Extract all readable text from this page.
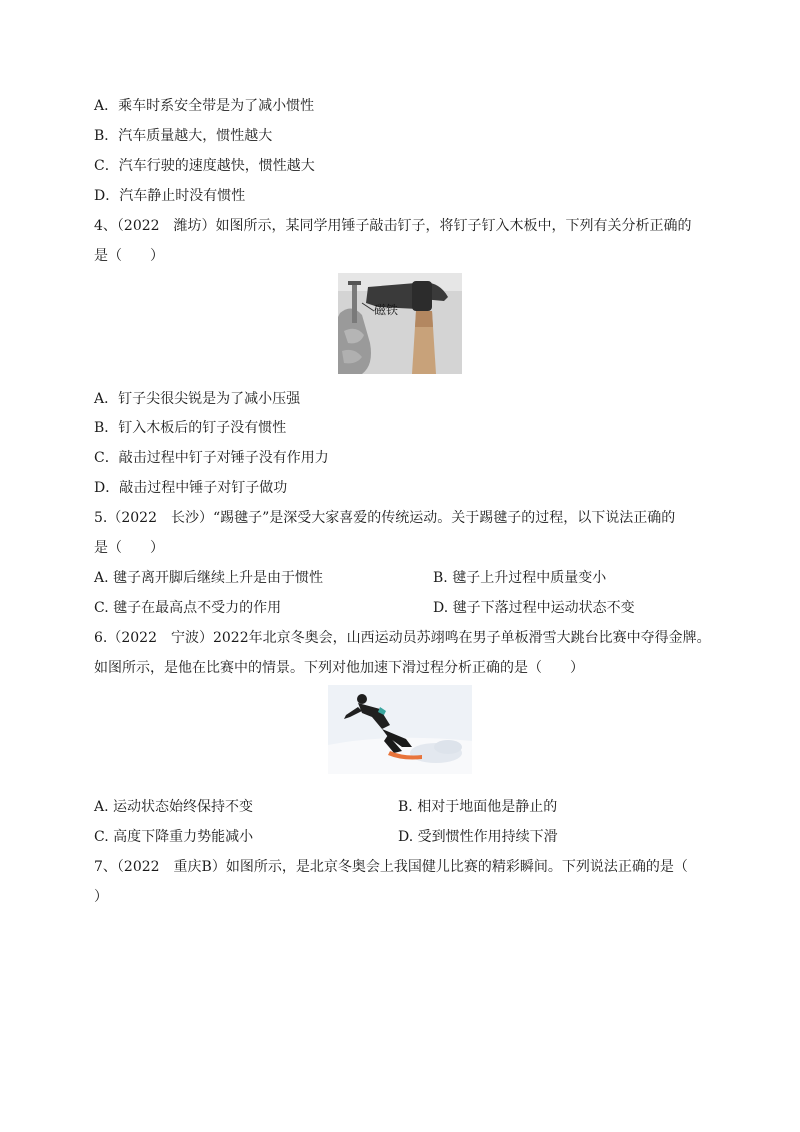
A．乘车时系安全带是为了减小惯性
B．汽车质量越大，惯性越大
C．汽车行驶的速度越快，惯性越大
D．汽车静止时没有惯性
4、（2022　潍坊）如图所示，某同学用锤子敲击钉子，将钉子钉入木板中，下列有关分析正确的
是（　　）
磁铁
A．钉子尖很尖锐是为了减小压强
B．钉入木板后的钉子没有惯性
C．敲击过程中钉子对锤子没有作用力
D．敲击过程中锤子对钉子做功
5.（2022　长沙）“踢毽子”是深受大家喜爱的传统运动。关于踢毽子的过程，以下说法正确的
是（　　）
A. 毽子离开脚后继续上升是由于惯性	B. 毽子上升过程中质量变小
C. 毽子在最高点不受力的作用	D. 毽子下落过程中运动状态不变
6.（2022　宁波）2022年北京冬奥会，山西运动员苏翊鸣在男子单板滑雪大跳台比赛中夺得金牌。
如图所示，是他在比赛中的情景。下列对他加速下滑过程分析正确的是（　　）
A. 运动状态始终保持不变	B. 相对于地面他是静止的
C. 高度下降重力势能减小	D. 受到惯性作用持续下滑
7、（2022　重庆B）如图所示，是北京冬奥会上我国健儿比赛的精彩瞬间。下列说法正确的是（
）
